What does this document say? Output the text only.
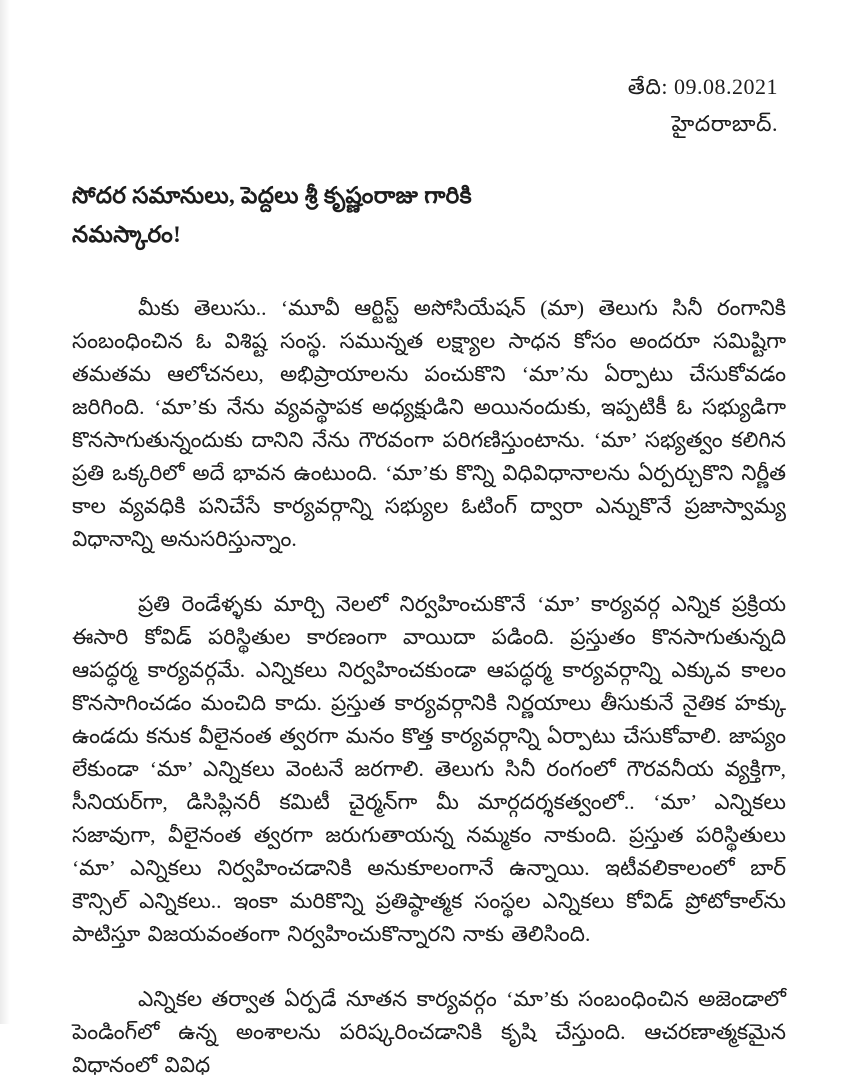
తేది: 09.08.2021
హైదరాబాద్.
సోదర సమానులు, పెద్దలు శ్రీ కృష్ణంరాజు గారికి
నమస్కారం!

మీకు తెలుసు.. ‘మూవీ ఆర్టిస్ట్ అసోసియేషన్ (మా) తెలుగు సినీ రంగానికి సంబంధించిన ఓ విశిష్ట సంస్థ. సమున్నత లక్ష్యాల సాధన కోసం అందరూ సమిష్టిగా తమతమ ఆలోచనలు, అభిప్రాయాలను పంచుకొని ‘మా’ను ఏర్పాటు చేసుకోవడం జరిగింది. ‘మా’కు నేను వ్యవస్థాపక అధ్యక్షుడిని అయినందుకు, ఇప్పటికీ ఓ సభ్యుడిగా కొనసాగుతున్నందుకు దానిని నేను గౌరవంగా పరిగణిస్తుంటాను. ‘మా’ సభ్యత్వం కలిగిన ప్రతి ఒక్కరిలో అదే భావన ఉంటుంది. ‘మా’కు కొన్ని విధివిధానాలను ఏర్పర్చుకొని నిర్ణీత కాల వ్యవధికి పనిచేసే కార్యవర్గాన్ని సభ్యుల ఓటింగ్ ద్వారా ఎన్నుకొనే ప్రజాస్వామ్య విధానాన్ని అనుసరిస్తున్నాం.

ప్రతి రెండేళ్ళకు మార్చి నెలలో నిర్వహించుకొనే ‘మా’ కార్యవర్గ ఎన్నిక ప్రక్రియ ఈసారి కోవిడ్ పరిస్థితుల కారణంగా వాయిదా పడింది. ప్రస్తుతం కొనసాగుతున్నది ఆపద్ధర్మ కార్యవర్గమే. ఎన్నికలు నిర్వహించకుండా ఆపద్ధర్మ కార్యవర్గాన్ని ఎక్కువ కాలం కొనసాగించడం మంచిది కాదు. ప్రస్తుత కార్యవర్గానికి నిర్ణయాలు తీసుకునే నైతిక హక్కు ఉండదు కనుక వీలైనంత త్వరగా మనం కొత్త కార్యవర్గాన్ని ఏర్పాటు చేసుకోవాలి. జాప్యం లేకుండా ‘మా’ ఎన్నికలు వెంటనే జరగాలి. తెలుగు సినీ రంగంలో గౌరవనీయ వ్యక్తిగా, సీనియర్‌గా, డిసిప్లినరీ కమిటీ చైర్మన్‌గా మీ మార్గదర్శకత్వంలో.. ‘మా’ ఎన్నికలు సజావుగా, వీలైనంత త్వరగా జరుగుతాయన్న నమ్మకం నాకుంది. ప్రస్తుత పరిస్థితులు ‘మా’ ఎన్నికలు నిర్వహించడానికి అనుకూలంగానే ఉన్నాయి. ఇటీవలికాలంలో బార్ కౌన్సిల్ ఎన్నికలు.. ఇంకా మరికొన్ని ప్రతిష్ఠాత్మక సంస్థల ఎన్నికలు కోవిడ్ ప్రోటోకాల్‌ను పాటిస్తూ విజయవంతంగా నిర్వహించుకొన్నారని నాకు తెలిసింది.

ఎన్నికల తర్వాత ఏర్పడే నూతన కార్యవర్గం ‘మా’కు సంబంధించిన అజెండాలో పెండింగ్‌లో ఉన్న అంశాలను పరిష్కరించడానికి కృషి చేస్తుంది. ఆచరణాత్మకమైన విధానంలో వివిధ
